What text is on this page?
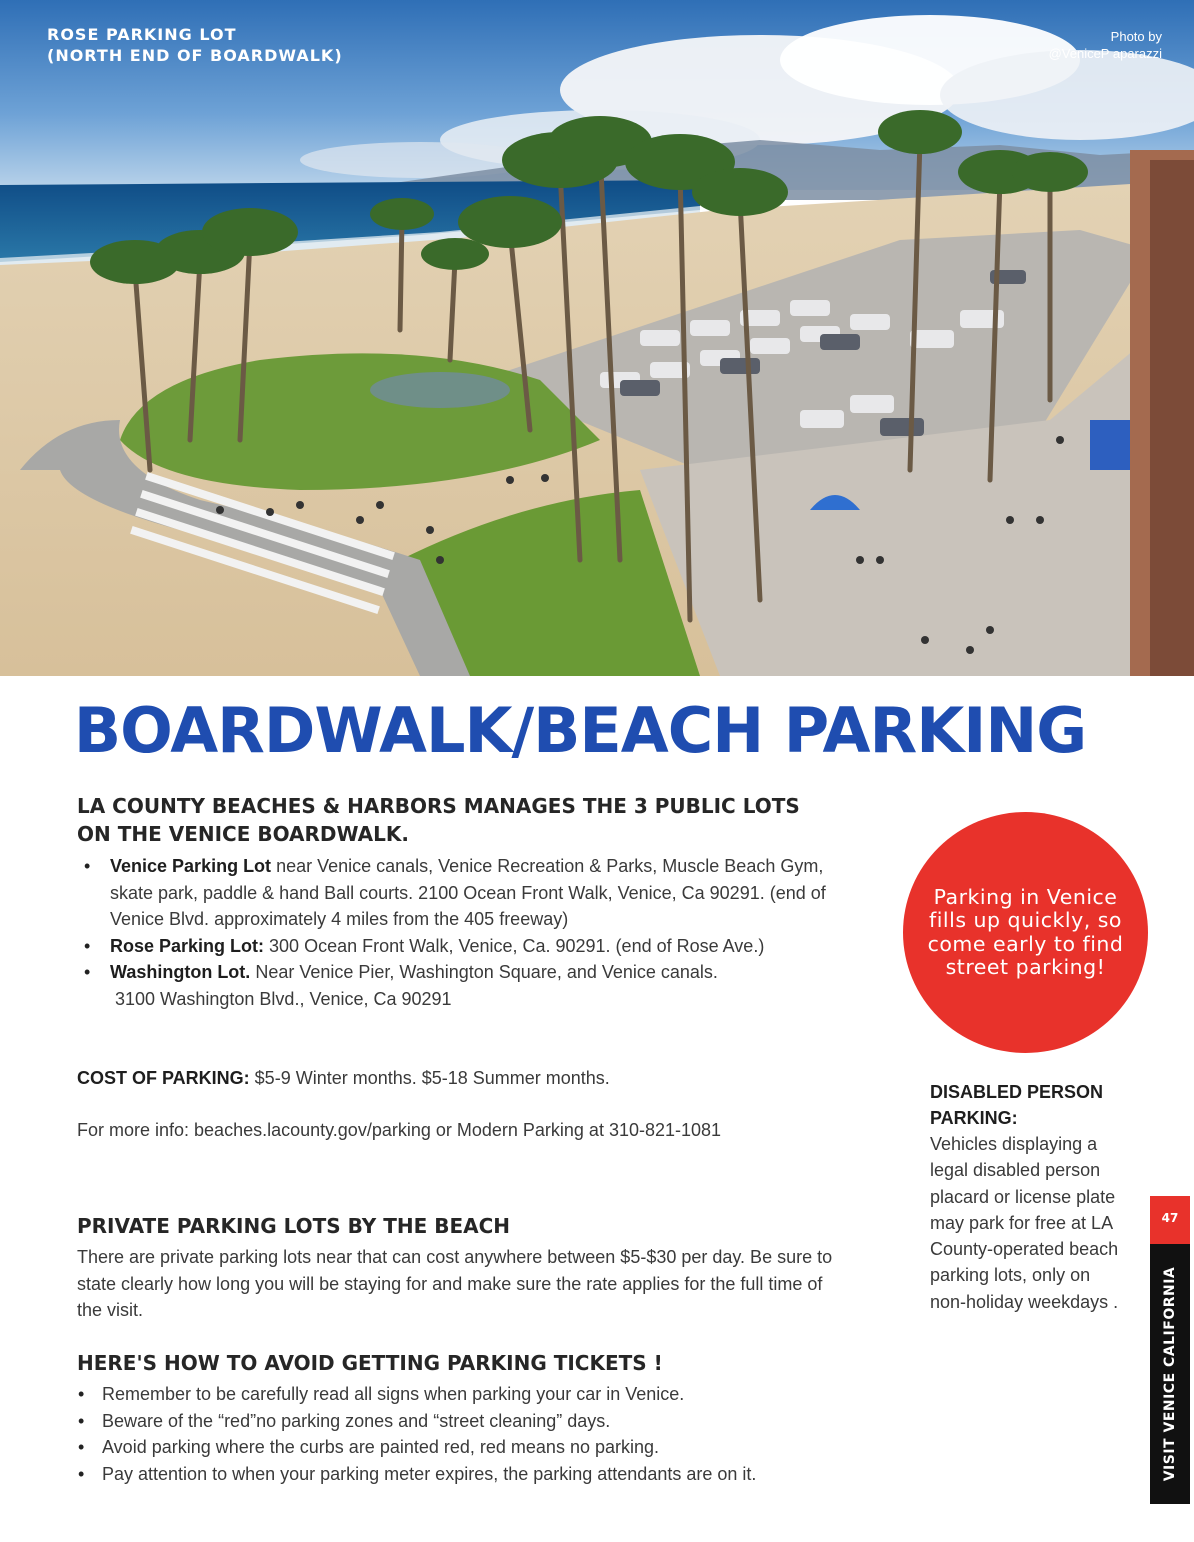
ROSE PARKING LOT
(NORTH END OF BOARDWALK)
Photo by
@VeniceP aparazzi
BOARDWALK/BEACH PARKING
LA COUNTY BEACHES & HARBORS MANAGES THE 3 PUBLIC LOTS
ON THE VENICE BOARDWALK.
• Venice Parking Lot near Venice canals, Venice Recreation & Parks, Muscle Beach Gym, skate park, paddle & hand Ball courts. 2100 Ocean Front Walk, Venice, Ca 90291. (end of Venice Blvd. approximately 4 miles from the 405 freeway)
• Rose Parking Lot: 300 Ocean Front Walk, Venice, Ca. 90291. (end of Rose Ave.)
• Washington Lot. Near Venice Pier, Washington Square, and Venice canals.
3100 Washington Blvd., Venice, Ca 90291
COST OF PARKING: $5-9 Winter months. $5-18 Summer months.
For more info: beaches.lacounty.gov/parking or Modern Parking at 310-821-1081
PRIVATE PARKING LOTS BY THE BEACH
There are private parking lots near that can cost anywhere between $5-$30 per day. Be sure to state clearly how long you will be staying for and make sure the rate applies for the full time of the visit.
HERE'S HOW TO AVOID GETTING PARKING TICKETS !
• Remember to be carefully read all signs when parking your car in Venice.
• Beware of the “red”no parking zones and “street cleaning” days.
• Avoid parking where the curbs are painted red, red means no parking.
• Pay attention to when your parking meter expires, the parking attendants are on it.
Parking in Venice fills up quickly, so come early to find street parking!
DISABLED PERSON PARKING:
Vehicles displaying a legal disabled person placard or license plate may park for free at LA County-operated beach parking lots, only on non-holiday weekdays .
47
VISIT VENICE CALIFORNIA
